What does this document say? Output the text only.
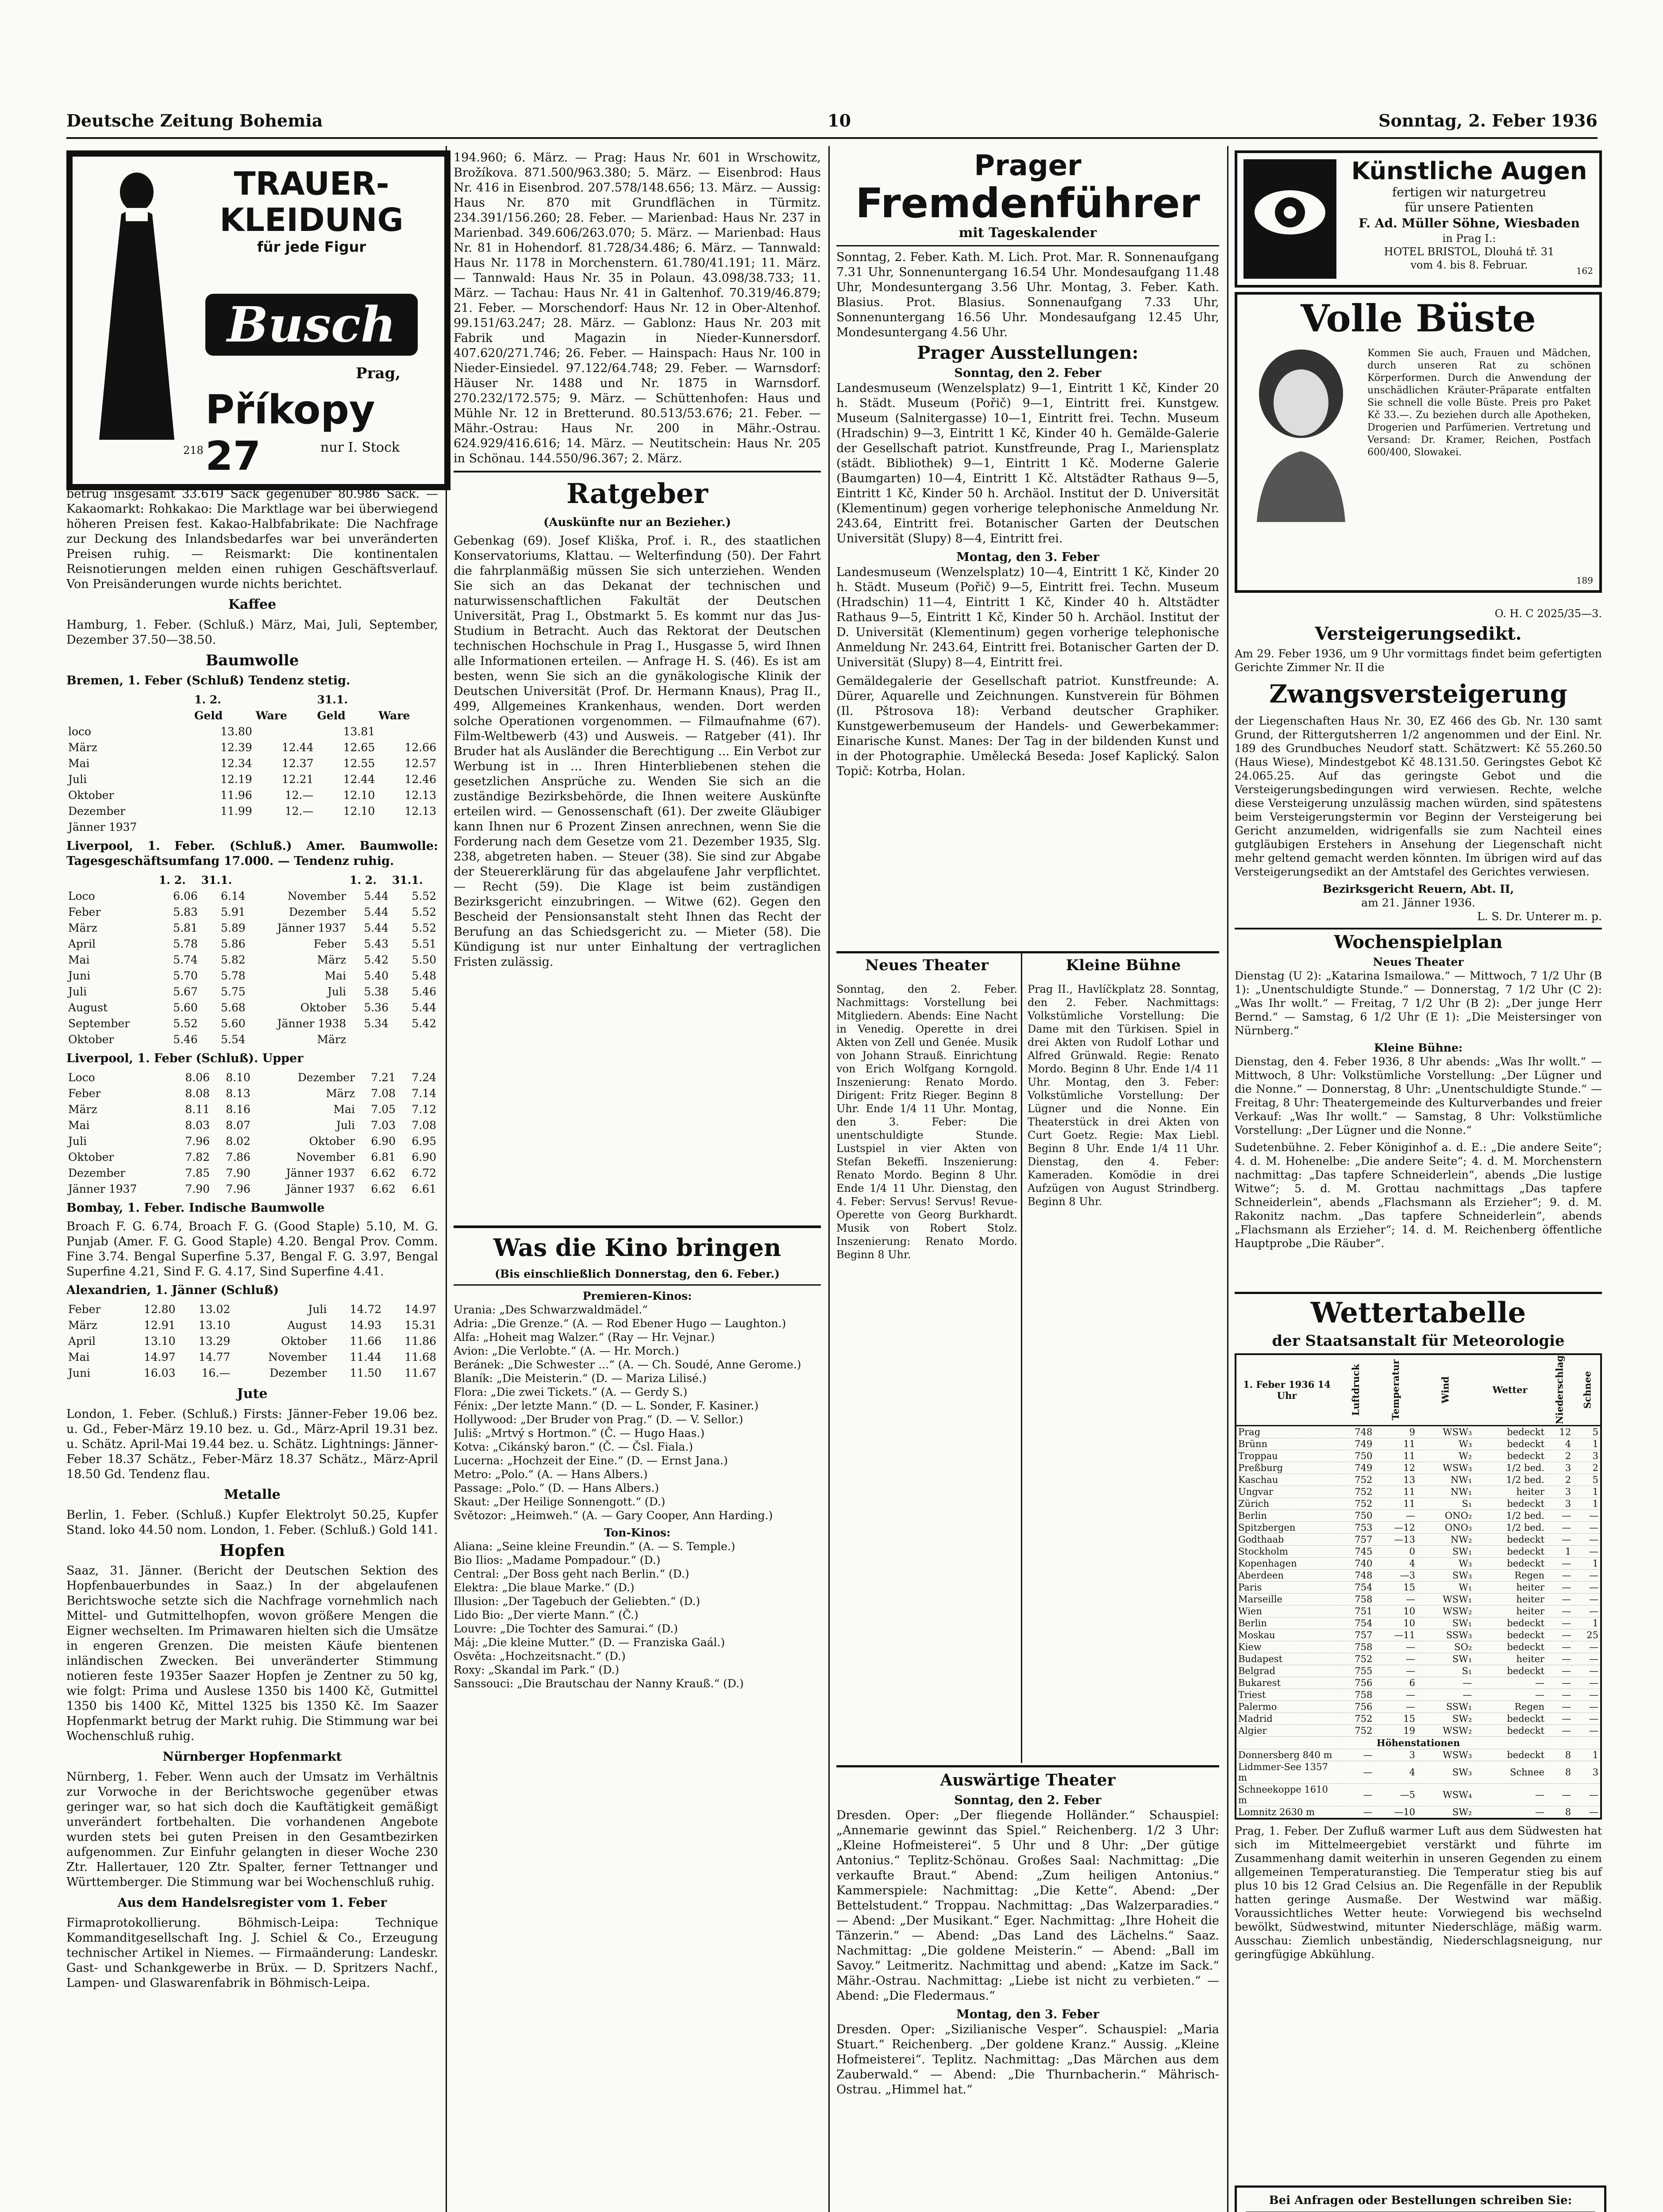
Deutsche Zeitung Bohemia	10	Sonntag, 2. Feber 1936
TRAUER-
KLEIDUNG
für jede Figur
Busch
Prag,
Příkopy 27	nur I. Stock
218

betrug insgesamt 33.619 Sack gegenüber 80.986 Sack. — Kakaomarkt: Rohkakao: Die Marktlage war bei überwiegend höheren Preisen fest. Kakao-Halbfabrikate: Die Nachfrage zur Deckung des Inlandsbedarfes war bei unveränderten Preisen ruhig. — Reismarkt: Die kontinentalen Reisnotierungen melden einen ruhigen Geschäftsverlauf. Von Preisänderungen wurde nichts berichtet.

Kaffee

Hamburg, 1. Feber. (Schluß.) März, Mai, Juli, September, Dezember 37.50—38.50.

Baumwolle

Bremen, 1. Feber (Schluß) Tendenz stetig.

	1. 2.		31.1.	
	Geld	Ware	Geld	Ware
loco	13.80		13.81	
März	12.39	12.44	12.65	12.66
Mai	12.34	12.37	12.55	12.57
Juli	12.19	12.21	12.44	12.46
Oktober	11.96	12.—	12.10	12.13
Dezember	11.99	12.—	12.10	12.13
Jänner 1937				

Liverpool, 1. Feber. (Schluß.) Amer. Baumwolle: Tagesgeschäftsumfang 17.000. — Tendenz ruhig.

	1. 2.	31.1.		1. 2.	31.1.
Loco	6.06	6.14	November	5.44	5.52
Feber	5.83	5.91	Dezember	5.44	5.52
März	5.81	5.89	Jänner 1937	5.44	5.52
April	5.78	5.86	Feber	5.43	5.51
Mai	5.74	5.82	März	5.42	5.50
Juni	5.70	5.78	Mai	5.40	5.48
Juli	5.67	5.75	Juli	5.38	5.46
August	5.60	5.68	Oktober	5.36	5.44
September	5.52	5.60	Jänner 1938	5.34	5.42
Oktober	5.46	5.54	März		

Liverpool, 1. Feber (Schluß). Upper

Loco	8.06	8.10	Dezember	7.21	7.24
Feber	8.08	8.13	März	7.08	7.14
März	8.11	8.16	Mai	7.05	7.12
Mai	8.03	8.07	Juli	7.03	7.08
Juli	7.96	8.02	Oktober	6.90	6.95
Oktober	7.82	7.86	November	6.81	6.90
Dezember	7.85	7.90	Jänner 1937	6.62	6.72
Jänner 1937	7.90	7.96	Jänner 1937	6.62	6.61

Bombay, 1. Feber. Indische Baumwolle

Broach F. G. 6.74, Broach F. G. (Good Staple) 5.10, M. G. Punjab (Amer. F. G. Good Staple) 4.20. Bengal Prov. Comm. Fine 3.74. Bengal Superfine 5.37, Bengal F. G. 3.97, Bengal Superfine 4.21, Sind F. G. 4.17, Sind Superfine 4.41.

Alexandrien, 1. Jänner (Schluß)

Feber	12.80	13.02	Juli	14.72	14.97
März	12.91	13.10	August	14.93	15.31
April	13.10	13.29	Oktober	11.66	11.86
Mai	14.97	14.77	November	11.44	11.68
Juni	16.03	16.—	Dezember	11.50	11.67
Jute

London, 1. Feber. (Schluß.) Firsts: Jänner-Feber 19.06 bez. u. Gd., Feber-März 19.10 bez. u. Gd., März-April 19.31 bez. u. Schätz. April-Mai 19.44 bez. u. Schätz. Lightnings: Jänner-Feber 18.37 Schätz., Feber-März 18.37 Schätz., März-April 18.50 Gd. Tendenz flau.

Metalle

Berlin, 1. Feber. (Schluß.) Kupfer Elektrolyt 50.25, Kupfer Stand. loko 44.50 nom. London, 1. Feber. (Schluß.) Gold 141.

Hopfen

Saaz, 31. Jänner. (Bericht der Deutschen Sektion des Hopfenbauerbundes in Saaz.) In der abgelaufenen Berichtswoche setzte sich die Nachfrage vornehmlich nach Mittel- und Gutmittelhopfen, wovon größere Mengen die Eigner wechselten. Im Primawaren hielten sich die Umsätze in engeren Grenzen. Die meisten Käufe bientenen inländischen Zwecken. Bei unveränderter Stimmung notieren feste 1935er Saazer Hopfen je Zentner zu 50 kg, wie folgt: Prima und Auslese 1350 bis 1400 Kč, Gutmittel 1350 bis 1400 Kč, Mittel 1325 bis 1350 Kč. Im Saazer Hopfenmarkt betrug der Markt ruhig. Die Stimmung war bei Wochenschluß ruhig.

Nürnberger Hopfenmarkt

Nürnberg, 1. Feber. Wenn auch der Umsatz im Verhältnis zur Vorwoche in der Berichtswoche gegenüber etwas geringer war, so hat sich doch die Kauftätigkeit gemäßigt unverändert fortbehalten. Die vorhandenen Angebote wurden stets bei guten Preisen in den Gesamtbezirken aufgenommen. Zur Einfuhr gelangten in dieser Woche 230 Ztr. Hallertauer, 120 Ztr. Spalter, ferner Tettnanger und Württemberger. Die Stimmung war bei Wochenschluß ruhig.

Aus dem Handelsregister vom 1. Feber

Firmaprotokollierung. Böhmisch-Leipa: Technique Kommanditgesellschaft Ing. J. Schiel & Co., Erzeugung technischer Artikel in Niemes. — Firmaänderung: Landeskr. Gast- und Schankgewerbe in Brüx. — D. Spritzers Nachf., Lampen- und Glaswarenfabrik in Böhmisch-Leipa.

194.960; 6. März. — Prag: Haus Nr. 601 in Wrschowitz, Brožíkova. 871.500/963.380; 5. März. — Eisenbrod: Haus Nr. 416 in Eisenbrod. 207.578/148.656; 13. März. — Aussig: Haus Nr. 870 mit Grundflächen in Türmitz. 234.391/156.260; 28. Feber. — Marienbad: Haus Nr. 237 in Marienbad. 349.606/263.070; 5. März. — Marienbad: Haus Nr. 81 in Hohendorf. 81.728/34.486; 6. März. — Tannwald: Haus Nr. 1178 in Morchenstern. 61.780/41.191; 11. März. — Tannwald: Haus Nr. 35 in Polaun. 43.098/38.733; 11. März. — Tachau: Haus Nr. 41 in Galtenhof. 70.319/46.879; 21. Feber. — Morschendorf: Haus Nr. 12 in Ober-Altenhof. 99.151/63.247; 28. März. — Gablonz: Haus Nr. 203 mit Fabrik und Magazin in Nieder-Kunnersdorf. 407.620/271.746; 26. Feber. — Hainspach: Haus Nr. 100 in Nieder-Einsiedel. 97.122/64.748; 29. Feber. — Warnsdorf: Häuser Nr. 1488 und Nr. 1875 in Warnsdorf. 270.232/172.575; 9. März. — Schüttenhofen: Haus und Mühle Nr. 12 in Bretterund. 80.513/53.676; 21. Feber. — Mähr.-Ostrau: Haus Nr. 200 in Mähr.-Ostrau. 624.929/416.616; 14. März. — Neutitschein: Haus Nr. 205 in Schönau. 144.550/96.367; 2. März.

Ratgeber
(Auskünfte nur an Bezieher.)

Gebenkag (69). Josef Kliška, Prof. i. R., des staatlichen Konservatoriums, Klattau. — Welterfindung (50). Der Fahrt die fahrplanmäßig müssen Sie sich unterziehen. Wenden Sie sich an das Dekanat der technischen und naturwissenschaftlichen Fakultät der Deutschen Universität, Prag I., Obstmarkt 5. Es kommt nur das Jus-Studium in Betracht. Auch das Rektorat der Deutschen technischen Hochschule in Prag I., Husgasse 5, wird Ihnen alle Informationen erteilen. — Anfrage H. S. (46). Es ist am besten, wenn Sie sich an die gynäkologische Klinik der Deutschen Universität (Prof. Dr. Hermann Knaus), Prag II., 499, Allgemeines Krankenhaus, wenden. Dort werden solche Operationen vorgenommen. — Filmaufnahme (67). Film-Weltbewerb (43) und Ausweis. — Ratgeber (41). Ihr Bruder hat als Ausländer die Berechtigung ... Ein Verbot zur Werbung ist in ... Ihren Hinterbliebenen stehen die gesetzlichen Ansprüche zu. Wenden Sie sich an die zuständige Bezirksbehörde, die Ihnen weitere Auskünfte erteilen wird. — Genossenschaft (61). Der zweite Gläubiger kann Ihnen nur 6 Prozent Zinsen anrechnen, wenn Sie die Forderung nach dem Gesetze vom 21. Dezember 1935, Slg. 238, abgetreten haben. — Steuer (38). Sie sind zur Abgabe der Steuererklärung für das abgelaufene Jahr verpflichtet. — Recht (59). Die Klage ist beim zuständigen Bezirksgericht einzubringen. — Witwe (62). Gegen den Bescheid der Pensionsanstalt steht Ihnen das Recht der Berufung an das Schiedsgericht zu. — Mieter (58). Die Kündigung ist nur unter Einhaltung der vertraglichen Fristen zulässig.

Was die Kino bringen
(Bis einschließlich Donnerstag, den 6. Feber.)
Premieren-Kinos:
Urania: „Des Schwarzwaldmädel.“
Adria: „Die Grenze.“ (A. — Rod Ebener Hugo — Laughton.)
Alfa: „Hoheit mag Walzer.“ (Ray — Hr. Vejnar.)
Avion: „Die Verlobte.“ (A. — Hr. Morch.)
Beránek: „Die Schwester ...“ (A. — Ch. Soudé, Anne Gerome.)
Blaník: „Die Meisterin.“ (D. — Mariza Lilisé.)
Flora: „Die zwei Tickets.“ (A. — Gerdy S.)
Fénix: „Der letzte Mann.“ (D. — L. Sonder, F. Kasiner.)
Hollywood: „Der Bruder von Prag.“ (D. — V. Sellor.)
Juliš: „Mrtvý s Hortmon.“ (Č. — Hugo Haas.)
Kotva: „Cikánský baron.“ (Č. — Čsl. Fiala.)
Lucerna: „Hochzeit der Eine.“ (D. — Ernst Jana.)
Metro: „Polo.“ (A. — Hans Albers.)
Passage: „Polo.“ (D. — Hans Albers.)
Skaut: „Der Heilige Sonnengott.“ (D.)
Světozor: „Heimweh.“ (A. — Gary Cooper, Ann Harding.)
Ton-Kinos:
Aliana: „Seine kleine Freundin.“ (A. — S. Temple.)
Bio Ilios: „Madame Pompadour.“ (D.)
Central: „Der Boss geht nach Berlin.“ (D.)
Elektra: „Die blaue Marke.“ (D.)
Illusion: „Der Tagebuch der Geliebten.“ (D.)
Lido Bio: „Der vierte Mann.“ (Č.)
Louvre: „Die Tochter des Samurai.“ (D.)
Máj: „Die kleine Mutter.“ (D. — Franziska Gaál.)
Osvěta: „Hochzeitsnacht.“ (D.)
Roxy: „Skandal im Park.“ (D.)
Sanssouci: „Die Brautschau der Nanny Krauß.“ (D.)
Prager
Fremdenführer
mit Tageskalender

Sonntag, 2. Feber. Kath. M. Lich. Prot. Mar. R. Sonnenaufgang 7.31 Uhr, Sonnenuntergang 16.54 Uhr. Mondesaufgang 11.48 Uhr, Mondesuntergang 3.56 Uhr. Montag, 3. Feber. Kath. Blasius. Prot. Blasius. Sonnenaufgang 7.33 Uhr, Sonnenuntergang 16.56 Uhr. Mondesaufgang 12.45 Uhr, Mondesuntergang 4.56 Uhr.

Prager Ausstellungen:
Sonntag, den 2. Feber

Landesmuseum (Wenzelsplatz) 9—1, Eintritt 1 Kč, Kinder 20 h. Städt. Museum (Pořič) 9—1, Eintritt frei. Kunstgew. Museum (Salnitergasse) 10—1, Eintritt frei. Techn. Museum (Hradschin) 9—3, Eintritt 1 Kč, Kinder 40 h. Gemälde-Galerie der Gesellschaft patriot. Kunstfreunde, Prag I., Mariensplatz (städt. Bibliothek) 9—1, Eintritt 1 Kč. Moderne Galerie (Baumgarten) 10—4, Eintritt 1 Kč. Altstädter Rathaus 9—5, Eintritt 1 Kč, Kinder 50 h. Archäol. Institut der D. Universität (Klementinum) gegen vorherige telephonische Anmeldung Nr. 243.64, Eintritt frei. Botanischer Garten der Deutschen Universität (Slupy) 8—4, Eintritt frei.

Montag, den 3. Feber

Landesmuseum (Wenzelsplatz) 10—4, Eintritt 1 Kč, Kinder 20 h. Städt. Museum (Pořič) 9—5, Eintritt frei. Techn. Museum (Hradschin) 11—4, Eintritt 1 Kč, Kinder 40 h. Altstädter Rathaus 9—5, Eintritt 1 Kč, Kinder 50 h. Archäol. Institut der D. Universität (Klementinum) gegen vorherige telephonische Anmeldung Nr. 243.64, Eintritt frei. Botanischer Garten der D. Universität (Slupy) 8—4, Eintritt frei.

Gemäldegalerie der Gesellschaft patriot. Kunstfreunde: A. Dürer, Aquarelle und Zeichnungen. Kunstverein für Böhmen (Il. Pštrosova 18): Verband deutscher Graphiker. Kunstgewerbemuseum der Handels- und Gewerbekammer: Einarische Kunst. Manes: Der Tag in der bildenden Kunst und in der Photographie. Umělecká Beseda: Josef Kaplický. Salon Topič: Kotrba, Holan.

Neues Theater

Sonntag, den 2. Feber. Nachmittags: Vorstellung bei Mitgliedern. Abends: Eine Nacht in Venedig. Operette in drei Akten von Zell und Genée. Musik von Johann Strauß. Einrichtung von Erich Wolfgang Korngold. Inszenierung: Renato Mordo. Dirigent: Fritz Rieger. Beginn 8 Uhr. Ende 1/4 11 Uhr. Montag, den 3. Feber: Die unentschuldigte Stunde. Lustspiel in vier Akten von Stefan Bekeffi. Inszenierung: Renato Mordo. Beginn 8 Uhr. Ende 1/4 11 Uhr. Dienstag, den 4. Feber: Servus! Servus! Revue-Operette von Georg Burkhardt. Musik von Robert Stolz. Inszenierung: Renato Mordo. Beginn 8 Uhr.

Kleine Bühne

Prag II., Havlíčkplatz 28. Sonntag, den 2. Feber. Nachmittags: Volkstümliche Vorstellung: Die Dame mit den Türkisen. Spiel in drei Akten von Rudolf Lothar und Alfred Grünwald. Regie: Renato Mordo. Beginn 8 Uhr. Ende 1/4 11 Uhr. Montag, den 3. Feber: Volkstümliche Vorstellung: Der Lügner und die Nonne. Ein Theaterstück in drei Akten von Curt Goetz. Regie: Max Liebl. Beginn 8 Uhr. Ende 1/4 11 Uhr. Dienstag, den 4. Feber: Kameraden. Komödie in drei Aufzügen von August Strindberg. Beginn 8 Uhr.

Auswärtige Theater
Sonntag, den 2. Feber

Dresden. Oper: „Der fliegende Holländer.“ Schauspiel: „Annemarie gewinnt das Spiel.“ Reichenberg. 1/2 3 Uhr: „Kleine Hofmeisterei“. 5 Uhr und 8 Uhr: „Der gütige Antonius.“ Teplitz-Schönau. Großes Saal: Nachmittag: „Die verkaufte Braut.“ Abend: „Zum heiligen Antonius.“ Kammerspiele: Nachmittag: „Die Kette“. Abend: „Der Bettelstudent.“ Troppau. Nachmittag: „Das Walzerparadies.“ — Abend: „Der Musikant.“ Eger. Nachmittag: „Ihre Hoheit die Tänzerin.“ — Abend: „Das Land des Lächelns.“ Saaz. Nachmittag: „Die goldene Meisterin.“ — Abend: „Ball im Savoy.“ Leitmeritz. Nachmittag und abend: „Katze im Sack.“ Mähr.-Ostrau. Nachmittag: „Liebe ist nicht zu verbieten.“ — Abend: „Die Fledermaus.“

Montag, den 3. Feber

Dresden. Oper: „Sizilianische Vesper“. Schauspiel: „Maria Stuart.“ Reichenberg. „Der goldene Kranz.“ Aussig. „Kleine Hofmeisterei“. Teplitz. Nachmittag: „Das Märchen aus dem Zauberwald.“ — Abend: „Die Thurnbacherin.“ Mährisch-Ostrau. „Himmel hat.“

Künstliche Augen
fertigen wir naturgetreu
für unsere Patienten
F. Ad. Müller Söhne, Wiesbaden
in Prag I.:
HOTEL BRISTOL, Dlouhá tř. 31
vom 4. bis 8. Februar.	162
Volle Büste
Kommen Sie auch, Frauen und Mädchen, durch unseren Rat zu schönen Körperformen. Durch die Anwendung der unschädlichen Kräuter-Präparate entfalten Sie schnell die volle Büste. Preis pro Paket Kč 33.—. Zu beziehen durch alle Apotheken, Drogerien und Parfümerien. Vertretung und Versand: Dr. Kramer, Reichen, Postfach 600/400, Slowakei.
189
O. H. C 2025/35—3.
Versteigerungsedikt.

Am 29. Feber 1936, um 9 Uhr vormittags findet beim gefertigten Gerichte Zimmer Nr. II die

Zwangsversteigerung

der Liegenschaften Haus Nr. 30, EZ 466 des Gb. Nr. 130 samt Grund, der Rittergutsherren 1/2 angenommen und der Einl. Nr. 189 des Grundbuches Neudorf statt. Schätzwert: Kč 55.260.50 (Haus Wiese), Mindestgebot Kč 48.131.50. Geringstes Gebot Kč 24.065.25. Auf das geringste Gebot und die Versteigerungsbedingungen wird verwiesen. Rechte, welche diese Versteigerung unzulässig machen würden, sind spätestens beim Versteigerungstermin vor Beginn der Versteigerung bei Gericht anzumelden, widrigenfalls sie zum Nachteil eines gutgläubigen Erstehers in Ansehung der Liegenschaft nicht mehr geltend gemacht werden könnten. Im übrigen wird auf das Versteigerungsedikt an der Amtstafel des Gerichtes verwiesen.

Bezirksgericht Reuern, Abt. II,
am 21. Jänner 1936.
L. S. Dr. Unterer m. p.
Wochenspielplan
Neues Theater

Dienstag (U 2): „Katarina Ismailowa.“ — Mittwoch, 7 1/2 Uhr (B 1): „Unentschuldigte Stunde.“ — Donnerstag, 7 1/2 Uhr (C 2): „Was Ihr wollt.“ — Freitag, 7 1/2 Uhr (B 2): „Der junge Herr Bernd.“ — Samstag, 6 1/2 Uhr (E 1): „Die Meistersinger von Nürnberg.“

Kleine Bühne:

Dienstag, den 4. Feber 1936, 8 Uhr abends: „Was Ihr wollt.“ — Mittwoch, 8 Uhr: Volkstümliche Vorstellung: „Der Lügner und die Nonne.“ — Donnerstag, 8 Uhr: „Unentschuldigte Stunde.“ — Freitag, 8 Uhr: Theatergemeinde des Kulturverbandes und freier Verkauf: „Was Ihr wollt.“ — Samstag, 8 Uhr: Volkstümliche Vorstellung: „Der Lügner und die Nonne.“

Sudetenbühne. 2. Feber Königinhof a. d. E.: „Die andere Seite“; 4. d. M. Hohenelbe: „Die andere Seite“; 4. d. M. Morchenstern nachmittag: „Das tapfere Schneiderlein“, abends „Die lustige Witwe“; 5. d. M. Grottau nachmittags „Das tapfere Schneiderlein“, abends „Flachsmann als Erzieher“; 9. d. M. Rakonitz nachm. „Das tapfere Schneiderlein“, abends „Flachsmann als Erzieher“; 14. d. M. Reichenberg öffentliche Hauptprobe „Die Räuber“.

Wettertabelle
der Staatsanstalt für Meteorologie
1. Feber 1936 14 Uhr	Luftdruck	Temperatur	Wind	Wetter	Niederschlag	Schnee
Prag	748	9	WSW₃	bedeckt	12	5
Brünn	749	11	W₃	bedeckt	4	1
Troppau	750	11	W₂	bedeckt	2	3
Preßburg	749	12	WSW₃	1/2 bed.	3	2
Kaschau	752	13	NW₁	1/2 bed.	2	5
Ungvar	752	11	NW₁	heiter	3	1
Zürich	752	11	S₁	bedeckt	3	1
Berlin	750	—	ONO₂	1/2 bed.	—	—
Spitzbergen	753	—12	ONO₃	1/2 bed.	—	—
Godthaab	757	—13	NW₂	bedeckt	—	—
Stockholm	745	0	SW₁	bedeckt	1	—
Kopenhagen	740	4	W₃	bedeckt	—	1
Aberdeen	748	—3	SW₃	Regen	—	—
Paris	754	15	W₁	heiter	—	—
Marseille	758	—	WSW₁	heiter	—	—
Wien	751	10	WSW₂	heiter	—	—
Berlin	754	10	SW₁	bedeckt	—	1
Moskau	757	—11	SSW₃	bedeckt	—	25
Kiew	758	—	SO₂	bedeckt	—	—
Budapest	752	—	SW₁	heiter	—	—
Belgrad	755	—	S₁	bedeckt	—	—
Bukarest	756	6	—	—	—	—
Triest	758	—	—	—	—	—
Palermo	756	—	SSW₁	Regen	—	—
Madrid	752	15	SW₂	bedeckt	—	—
Algier	752	19	WSW₂	bedeckt	—	—
Höhenstationen						
Donnersberg 840 m	—	3	WSW₃	bedeckt	8	1
Lidmmer-See 1357 m	—	4	SW₃	Schnee	8	3
Schneekoppe 1610 m	—	—5	WSW₄	—	—	—
Lomnitz 2630 m	—	—10	SW₂	—	8	—

Prag, 1. Feber. Der Zufluß warmer Luft aus dem Südwesten hat sich im Mittelmeergebiet verstärkt und führte im Zusammenhang damit weiterhin in unseren Gegenden zu einem allgemeinen Temperaturanstieg. Die Temperatur stieg bis auf plus 10 bis 12 Grad Celsius an. Die Regenfälle in der Republik hatten geringe Ausmaße. Der Westwind war mäßig. Voraussichtliches Wetter heute: Vorwiegend bis wechselnd bewölkt, Südwestwind, mitunter Niederschläge, mäßig warm. Ausschau: Ziemlich unbeständig, Niederschlagsneigung, nur geringfügige Abkühlung.

Bei Anfragen oder Bestellungen schreiben Sie:
